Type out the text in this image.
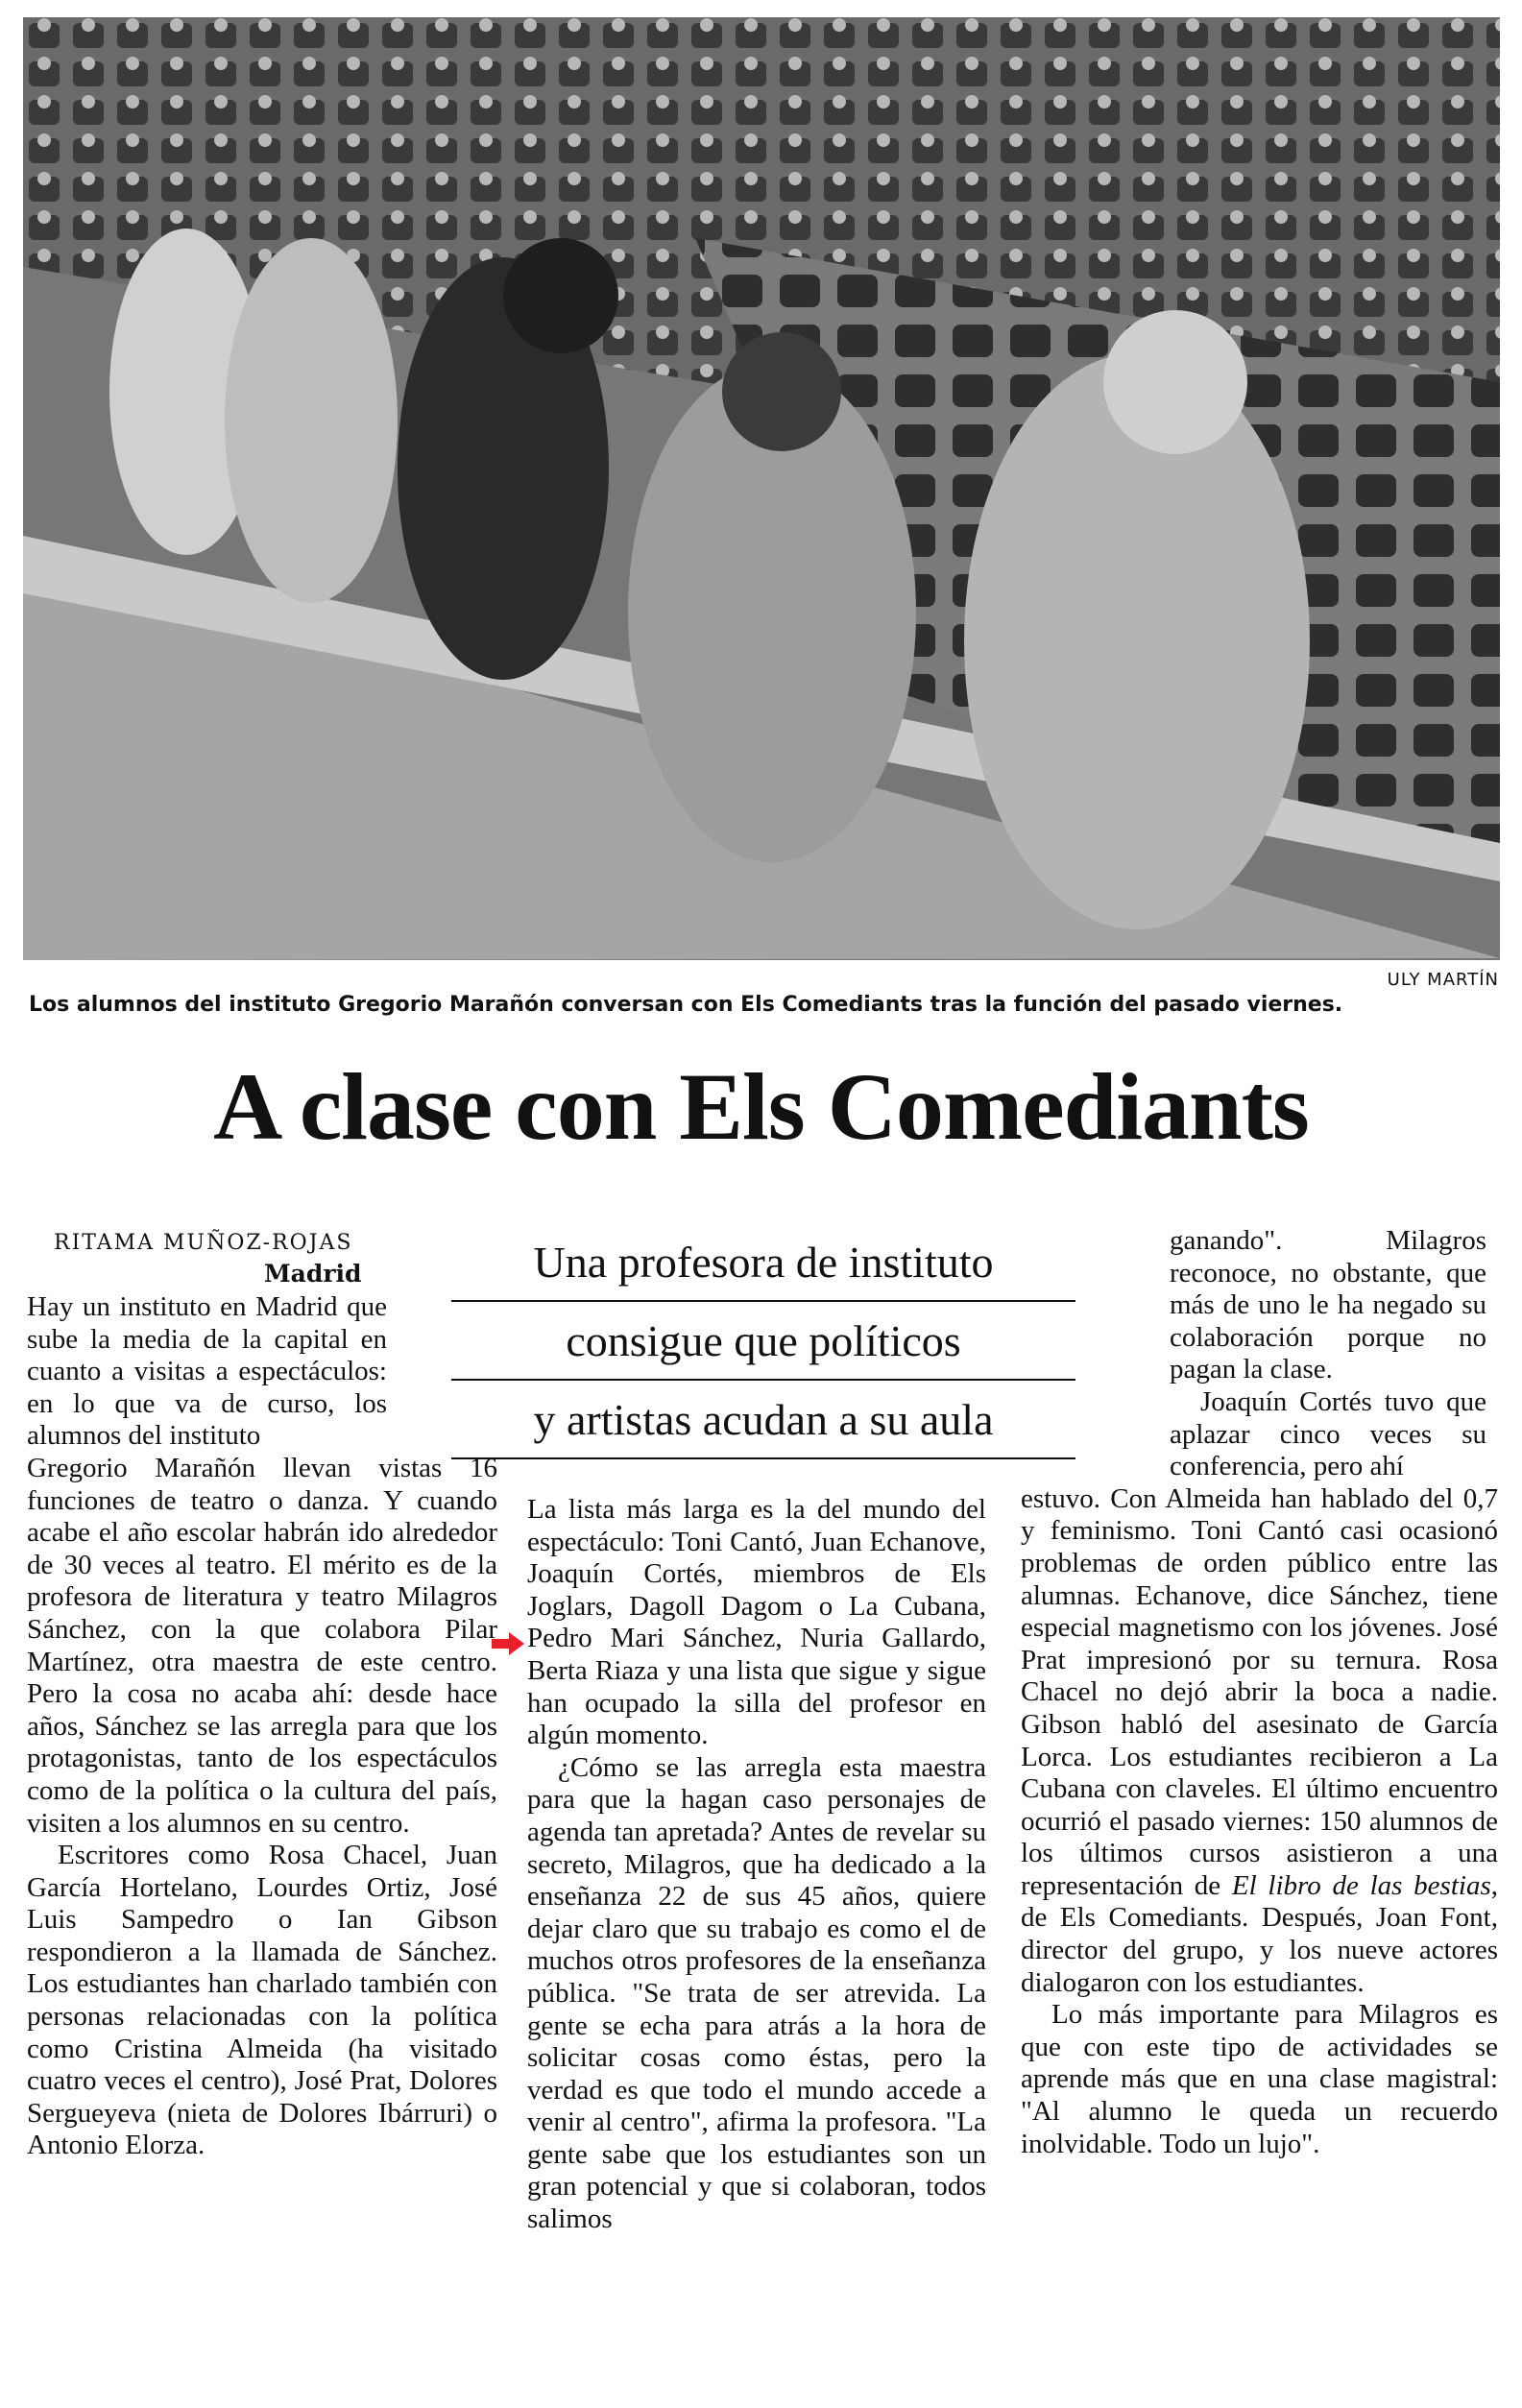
ULY MARTÍN
Los alumnos del instituto Gregorio Marañón conversan con Els Comediants tras la función del pasado viernes.
A clase con Els Comediants
RITAMA MUÑOZ-ROJAS
Madrid	Una profesora de instituto
consigue que políticos
y artistas acudan a su aula

Hay un instituto en Madrid que sube la media de la capital en cuanto a visitas a espectáculos: en lo que va de curso, los alumnos del instituto

Gregorio Marañón llevan vistas 16 funciones de teatro o danza. Y cuando acabe el año escolar habrán ido alrededor de 30 veces al teatro. El mérito es de la profesora de literatura y teatro Milagros Sánchez, con la que colabora Pilar Martínez, otra maestra de este centro. Pero la cosa no acaba ahí: desde hace años, Sánchez se las arregla para que los protagonistas, tanto de los espectáculos como de la política o la cultura del país, visiten a los alumnos en su centro.

Escritores como Rosa Chacel, Juan García Hortelano, Lourdes Ortiz, José Luis Sampedro o Ian Gibson respondieron a la llamada de Sánchez. Los estudiantes han charlado también con personas relacionadas con la política como Cristina Almeida (ha visitado cuatro veces el centro), José Prat, Dolores Sergueyeva (nieta de Dolores Ibárruri) o Antonio Elorza.

La lista más larga es la del mundo del espectáculo: Toni Cantó, Juan Echanove, Joaquín Cortés, miembros de Els Joglars, Dagoll Dagom o La Cubana, Pedro Mari Sánchez, Nuria Gallardo, Berta Riaza y una lista que sigue y sigue han ocupado la silla del profesor en algún momento.

¿Cómo se las arregla esta maestra para que la hagan caso personajes de agenda tan apretada? Antes de revelar su secreto, Milagros, que ha dedicado a la enseñanza 22 de sus 45 años, quiere dejar claro que su trabajo es como el de muchos otros profesores de la enseñanza pública. "Se trata de ser atrevida. La gente se echa para atrás a la hora de solicitar cosas como éstas, pero la verdad es que todo el mundo accede a venir al centro", afirma la profesora. "La gente sabe que los estudiantes son un gran potencial y que si colaboran, todos salimos

ganando". Milagros reconoce, no obstante, que más de uno le ha negado su colaboración porque no pagan la clase.

Joaquín Cortés tuvo que aplazar cinco veces su conferencia, pero ahí

estuvo. Con Almeida han hablado del 0,7 y feminismo. Toni Cantó casi ocasionó problemas de orden público entre las alumnas. Echanove, dice Sánchez, tiene especial magnetismo con los jóvenes. José Prat impresionó por su ternura. Rosa Chacel no dejó abrir la boca a nadie. Gibson habló del asesinato de García Lorca. Los estudiantes recibieron a La Cubana con claveles. El último encuentro ocurrió el pasado viernes: 150 alumnos de los últimos cursos asistieron a una representación de El libro de las bestias, de Els Comediants. Después, Joan Font, director del grupo, y los nueve actores dialogaron con los estudiantes.

Lo más importante para Milagros es que con este tipo de actividades se aprende más que en una clase magistral: "Al alumno le queda un recuerdo inolvidable. Todo un lujo".
